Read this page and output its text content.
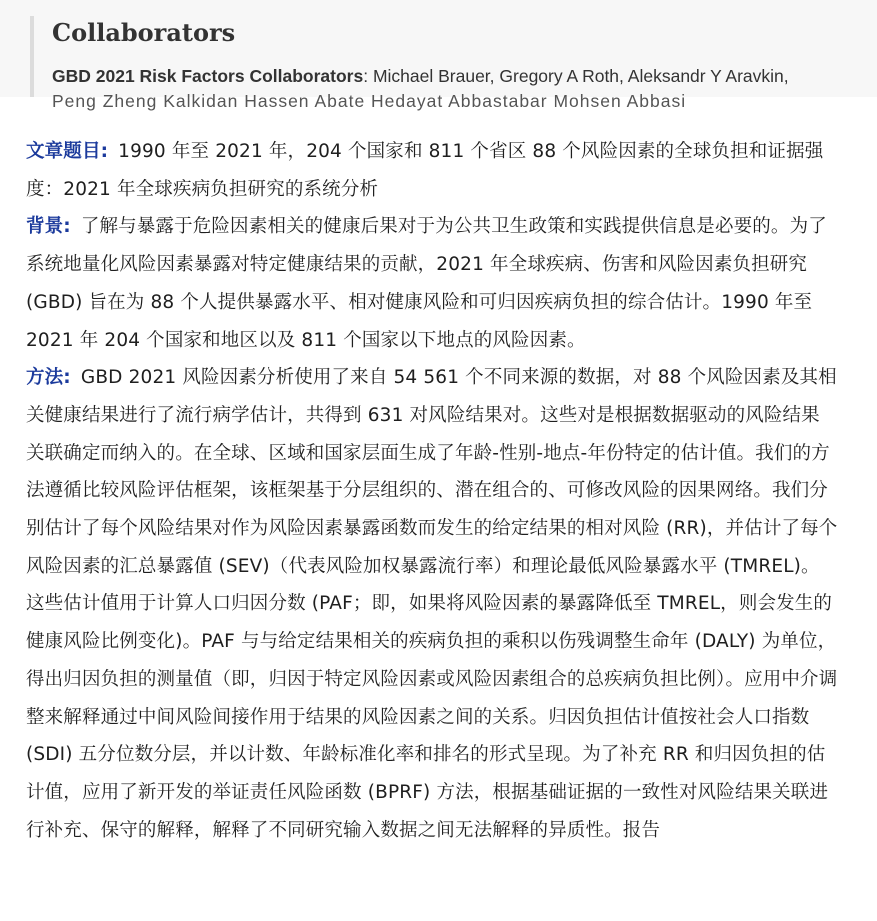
Collaborators
GBD 2021 Risk Factors Collaborators: Michael Brauer, Gregory A Roth, Aleksandr Y Aravkin,
Peng Zheng Kalkidan Hassen Abate Hedayat Abbastabar Mohsen Abbasi

文章题目: 1990 年至 2021 年，204 个国家和 811 个省区 88 个风险因素的全球负担和证据强度：2021 年全球疾病负担研究的系统分析

背景: 了解与暴露于危险因素相关的健康后果对于为公共卫生政策和实践提供信息是必要的。为了系统地量化风险因素暴露对特定健康结果的贡献，2021 年全球疾病、伤害和风险因素负担研究 (GBD) 旨在为 88 个人提供暴露水平、相对健康风险和可归因疾病负担的综合估计。1990 年至 2021 年 204 个国家和地区以及 811 个国家以下地点的风险因素。

方法: GBD 2021 风险因素分析使用了来自 54 561 个不同来源的数据，对 88 个风险因素及其相关健康结果进行了流行病学估计，共得到 631 对风险结果对。这些对是根据数据驱动的风险结果关联确定而纳入的。在全球、区域和国家层面生成了年龄-性别-地点-年份特定的估计值。我们的方法遵循比较风险评估框架，该框架基于分层组织的、潜在组合的、可修改风险的因果网络。我们分别估计了每个风险结果对作为风险因素暴露函数而发生的给定结果的相对风险 (RR)，并估计了每个风险因素的汇总暴露值 (SEV)（代表风险加权暴露流行率）和理论最低风险暴露水平 (TMREL)。这些估计值用于计算人口归因分数 (PAF；即，如果将风险因素的暴露降低至 TMREL，则会发生的健康风险比例变化)。PAF 与与给定结果相关的疾病负担的乘积以伤残调整生命年 (DALY) 为单位，得出归因负担的测量值（即，归因于特定风险因素或风险因素组合的总疾病负担比例）。应用中介调整来解释通过中间风险间接作用于结果的风险因素之间的关系。归因负担估计值按社会人口指数 (SDI) 五分位数分层，并以计数、年龄标准化率和排名的形式呈现。为了补充 RR 和归因负担的估计值，应用了新开发的举证责任风险函数 (BPRF) 方法，根据基础证据的一致性对风险结果关联进行补充、保守的解释，解释了不同研究输入数据之间无法解释的异质性。报告
